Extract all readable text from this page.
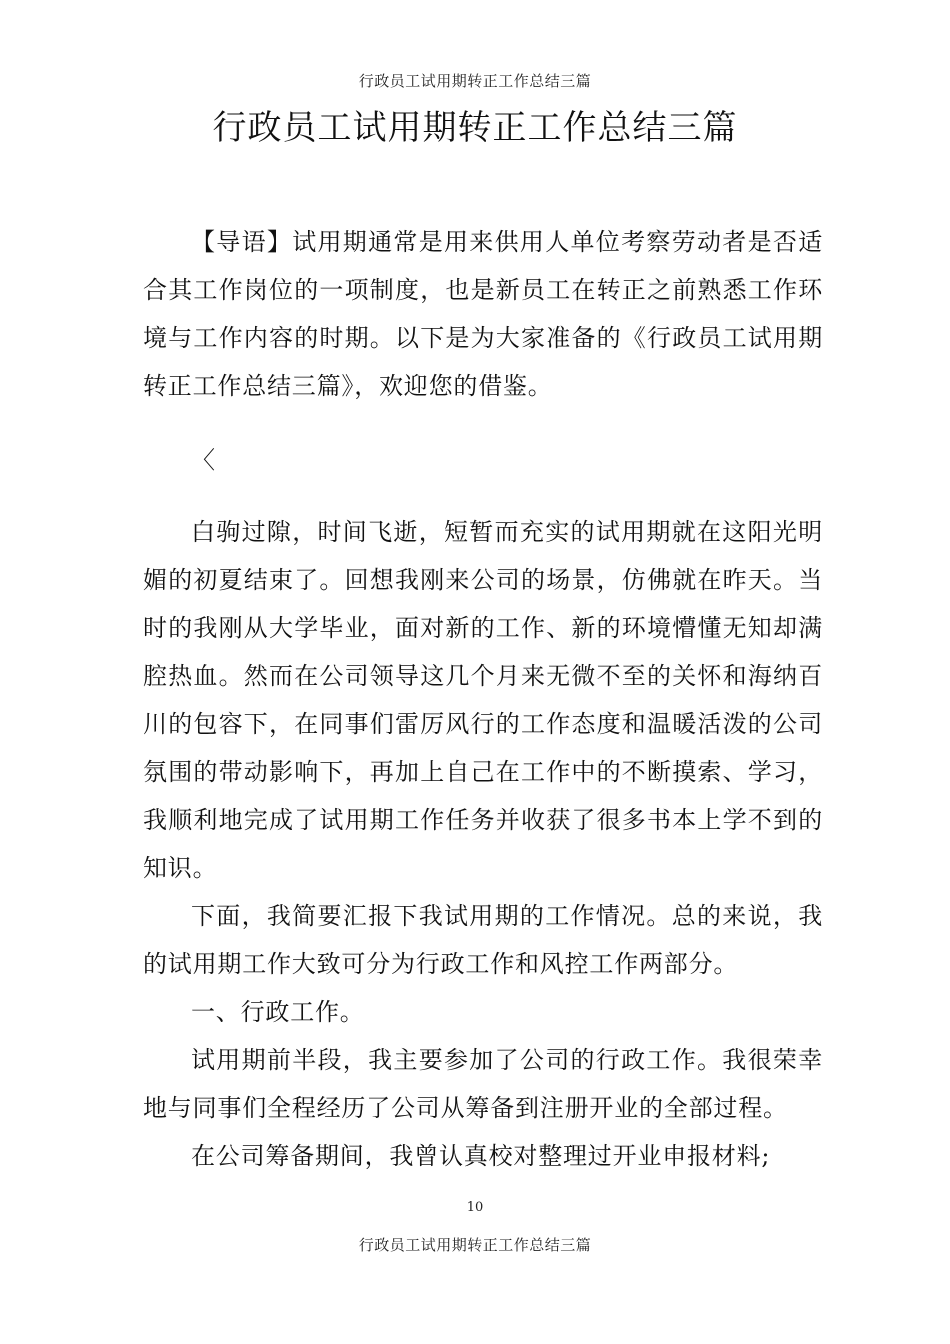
行政员工试用期转正工作总结三篇
行政员工试用期转正工作总结三篇

【导语】试用期通常是用来供用人单位考察劳动者是否适合其工作岗位的一项制度，也是新员工在转正之前熟悉工作环境与工作内容的时期。以下是为大家准备的《行政员工试用期转正工作总结三篇》，欢迎您的借鉴。

〈

白驹过隙，时间飞逝，短暂而充实的试用期就在这阳光明媚的初夏结束了。回想我刚来公司的场景，仿佛就在昨天。当时的我刚从大学毕业，面对新的工作、新的环境懵懂无知却满腔热血。然而在公司领导这几个月来无微不至的关怀和海纳百川的包容下，在同事们雷厉风行的工作态度和温暖活泼的公司氛围的带动影响下，再加上自己在工作中的不断摸索、学习，我顺利地完成了试用期工作任务并收获了很多书本上学不到的知识。

下面，我简要汇报下我试用期的工作情况。总的来说，我的试用期工作大致可分为行政工作和风控工作两部分。

一、行政工作。

试用期前半段，我主要参加了公司的行政工作。我很荣幸地与同事们全程经历了公司从筹备到注册开业的全部过程。

在公司筹备期间，我曾认真校对整理过开业申报材料;

10
行政员工试用期转正工作总结三篇
